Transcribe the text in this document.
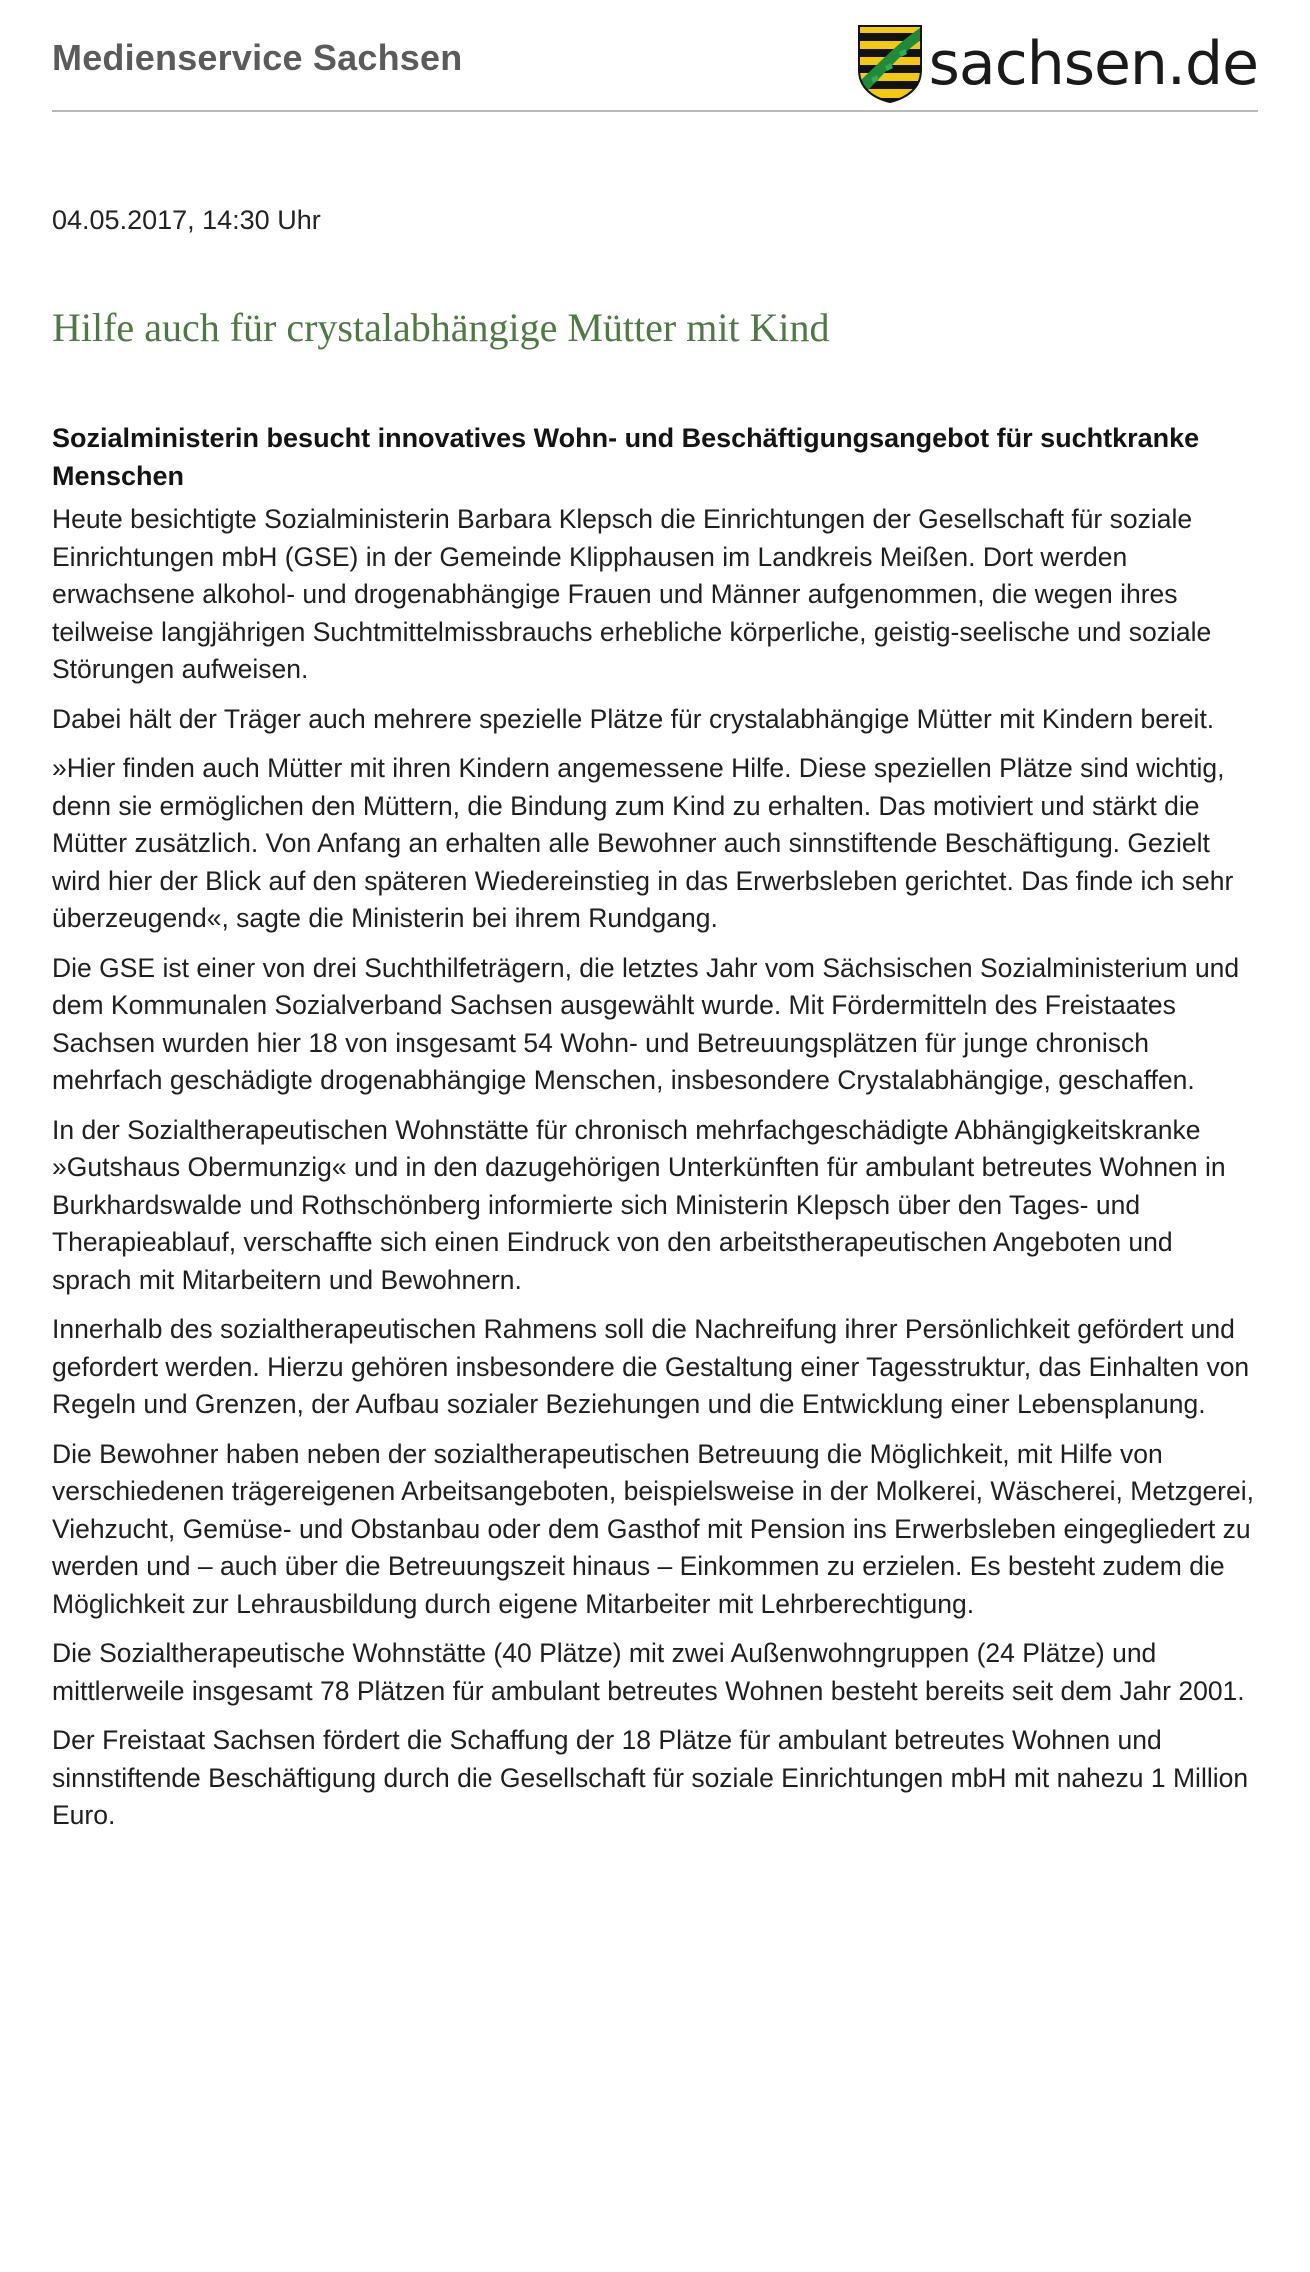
Medienservice Sachsen	sachsen.de
04.05.2017, 14:30 Uhr
Hilfe auch für crystalabhängige Mütter mit Kind
Sozialministerin besucht innovatives Wohn- und Beschäftigungsangebot für suchtkranke Menschen

Heute besichtigte Sozialministerin Barbara Klepsch die Einrichtungen der Gesellschaft für soziale Einrichtungen mbH (GSE) in der Gemeinde Klipphausen im Landkreis Meißen. Dort werden erwachsene alkohol- und drogenabhängige Frauen und Männer aufgenommen, die wegen ihres teilweise langjährigen Suchtmittelmissbrauchs erhebliche körperliche, geistig-seelische und soziale Störungen aufweisen.

Dabei hält der Träger auch mehrere spezielle Plätze für crystalabhängige Mütter mit Kindern bereit.

»Hier finden auch Mütter mit ihren Kindern angemessene Hilfe. Diese speziellen Plätze sind wichtig, denn sie ermöglichen den Müttern, die Bindung zum Kind zu erhalten. Das motiviert und stärkt die Mütter zusätzlich. Von Anfang an erhalten alle Bewohner auch sinnstiftende Beschäftigung. Gezielt wird hier der Blick auf den späteren Wiedereinstieg in das Erwerbsleben gerichtet. Das finde ich sehr überzeugend«, sagte die Ministerin bei ihrem Rundgang.

Die GSE ist einer von drei Suchthilfeträgern, die letztes Jahr vom Sächsischen Sozialministerium und dem Kommunalen Sozialverband Sachsen ausgewählt wurde. Mit Fördermitteln des Freistaates Sachsen wurden hier 18 von insgesamt 54 Wohn- und Betreuungsplätzen für junge chronisch mehrfach geschädigte drogenabhängige Menschen, insbesondere Crystalabhängige, geschaffen.

In der Sozialtherapeutischen Wohnstätte für chronisch mehrfachgeschädigte Abhängigkeitskranke »Gutshaus Obermunzig« und in den dazugehörigen Unterkünften für ambulant betreutes Wohnen in Burkhardswalde und Rothschönberg informierte sich Ministerin Klepsch über den Tages- und Therapieablauf, verschaffte sich einen Eindruck von den arbeitstherapeutischen Angeboten und sprach mit Mitarbeitern und Bewohnern.

Innerhalb des sozialtherapeutischen Rahmens soll die Nachreifung ihrer Persönlichkeit gefördert und gefordert werden. Hierzu gehören insbesondere die Gestaltung einer Tagesstruktur, das Einhalten von Regeln und Grenzen, der Aufbau sozialer Beziehungen und die Entwicklung einer Lebensplanung.

Die Bewohner haben neben der sozialtherapeutischen Betreuung die Möglichkeit, mit Hilfe von verschiedenen trägereigenen Arbeitsangeboten, beispielsweise in der Molkerei, Wäscherei, Metzgerei, Viehzucht, Gemüse- und Obstanbau oder dem Gasthof mit Pension ins Erwerbsleben eingegliedert zu werden und – auch über die Betreuungszeit hinaus – Einkommen zu erzielen. Es besteht zudem die Möglichkeit zur Lehrausbildung durch eigene Mitarbeiter mit Lehrberechtigung.

Die Sozialtherapeutische Wohnstätte (40 Plätze) mit zwei Außenwohngruppen (24 Plätze) und mittlerweile insgesamt 78 Plätzen für ambulant betreutes Wohnen besteht bereits seit dem Jahr 2001.

Der Freistaat Sachsen fördert die Schaffung der 18 Plätze für ambulant betreutes Wohnen und sinnstiftende Beschäftigung durch die Gesellschaft für soziale Einrichtungen mbH mit nahezu 1 Million Euro.
